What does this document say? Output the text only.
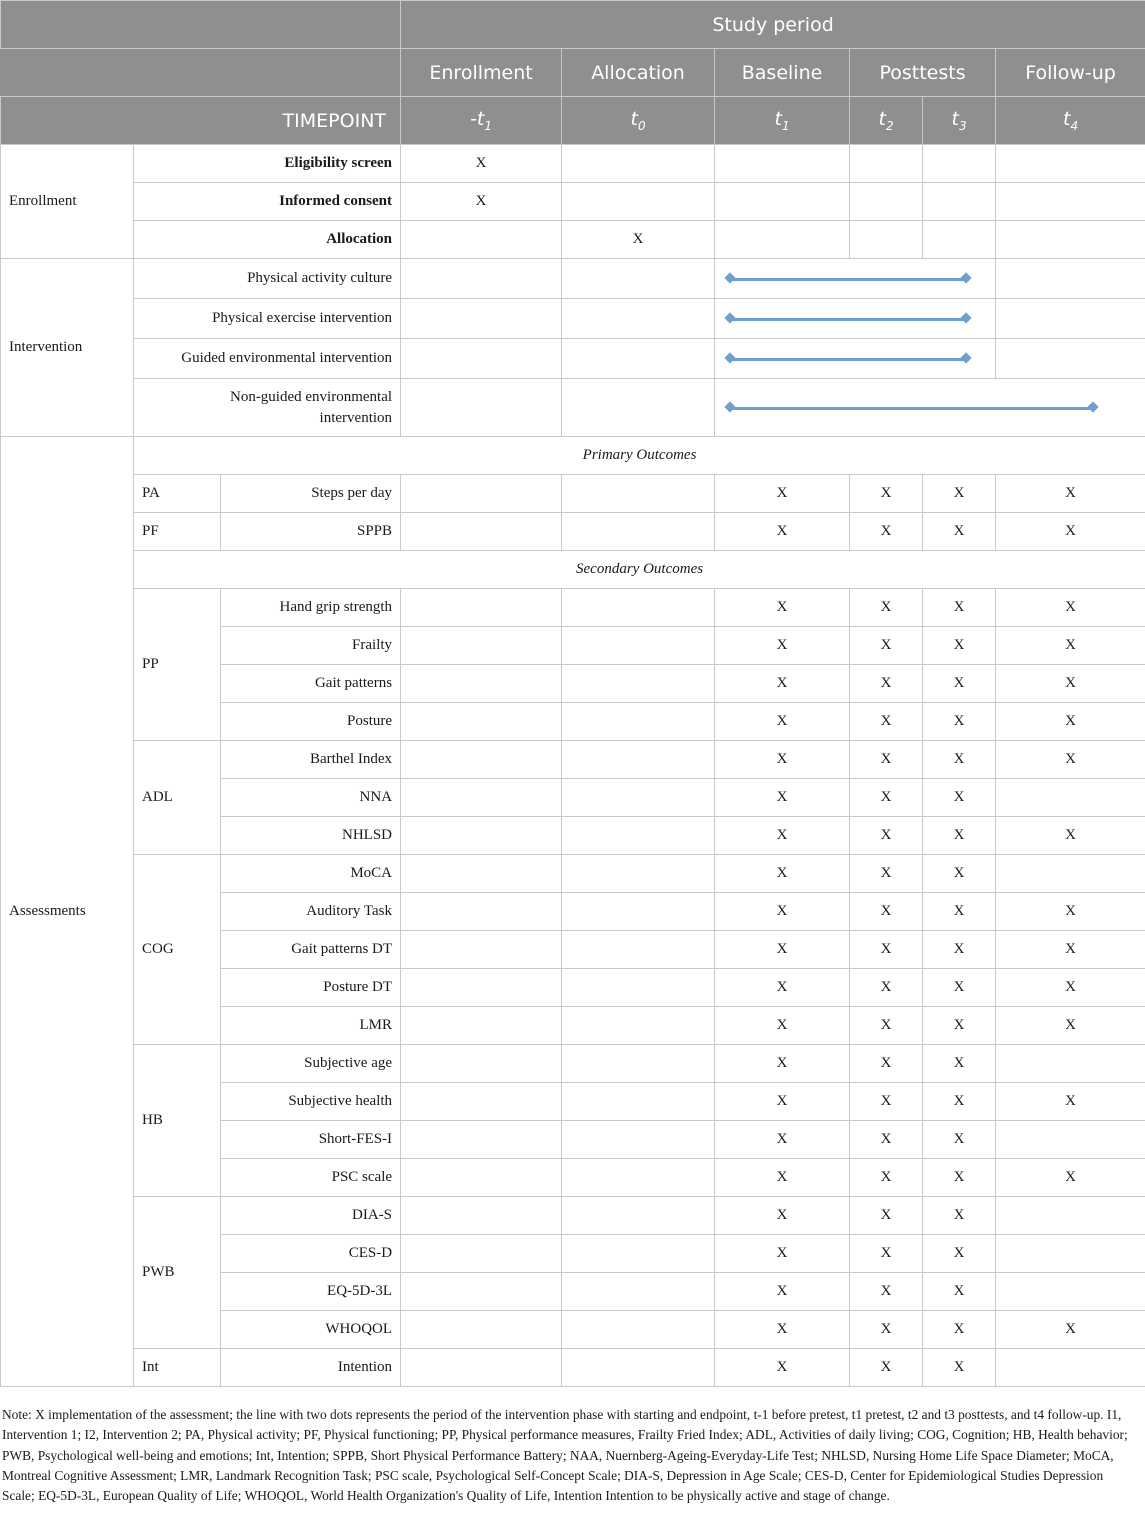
			Study period					
			Enrollment	Allocation	Baseline	Posttests		Follow-up
TIMEPOINT			$-t_1$	$t_0$	$t_1$	$t_2$	$t_3$	$t_4$
Enrollment	Eligibility screen		X					
	Informed consent		X					
	Allocation			X				
Intervention	Physical activity culture						

	Physical exercise intervention						

	Guided environmental intervention						

	Non-guided environmental
intervention							

Assessments	Primary Outcomes							
	PA	Steps per day			X	X	X	X
	PF	SPPB			X	X	X	X
	Secondary Outcomes							
	PP	Hand grip strength			X	X	X	X
		Frailty			X	X	X	X
		Gait patterns			X	X	X	X
		Posture			X	X	X	X
	ADL	Barthel Index			X	X	X	X
		NNA			X	X	X	
		NHLSD			X	X	X	X
	COG	MoCA			X	X	X	
		Auditory Task			X	X	X	X
		Gait patterns DT			X	X	X	X
		Posture DT			X	X	X	X
		LMR			X	X	X	X
	HB	Subjective age			X	X	X	
		Subjective health			X	X	X	X
		Short-FES-I			X	X	X	
		PSC scale			X	X	X	X
	PWB	DIA-S			X	X	X	
		CES-D			X	X	X	
		EQ-5D-3L			X	X	X	
		WHOQOL			X	X	X	X
	Int	Intention			X	X	X	
Note: X implementation of the assessment; the line with two dots represents the period of the intervention phase with starting and endpoint, t-1 before pretest, t1 pretest, t2 and t3 posttests, and t4 follow-up. I1, Intervention 1; I2, Intervention 2; PA, Physical activity; PF, Physical functioning; PP, Physical performance measures, Frailty Fried Index; ADL, Activities of daily living; COG, Cognition; HB, Health behavior; PWB, Psychological well-being and emotions; Int, Intention; SPPB, Short Physical Performance Battery; NAA, Nuernberg-Ageing-Everyday-Life Test; NHLSD, Nursing Home Life Space Diameter; MoCA, Montreal Cognitive Assessment; LMR, Landmark Recognition Task; PSC scale, Psychological Self-Concept Scale; DIA-S, Depression in Age Scale; CES-D, Center for Epidemiological Studies Depression Scale; EQ-5D-3L, European Quality of Life; WHOQOL, World Health Organization's Quality of Life, Intention Intention to be physically active and stage of change.
